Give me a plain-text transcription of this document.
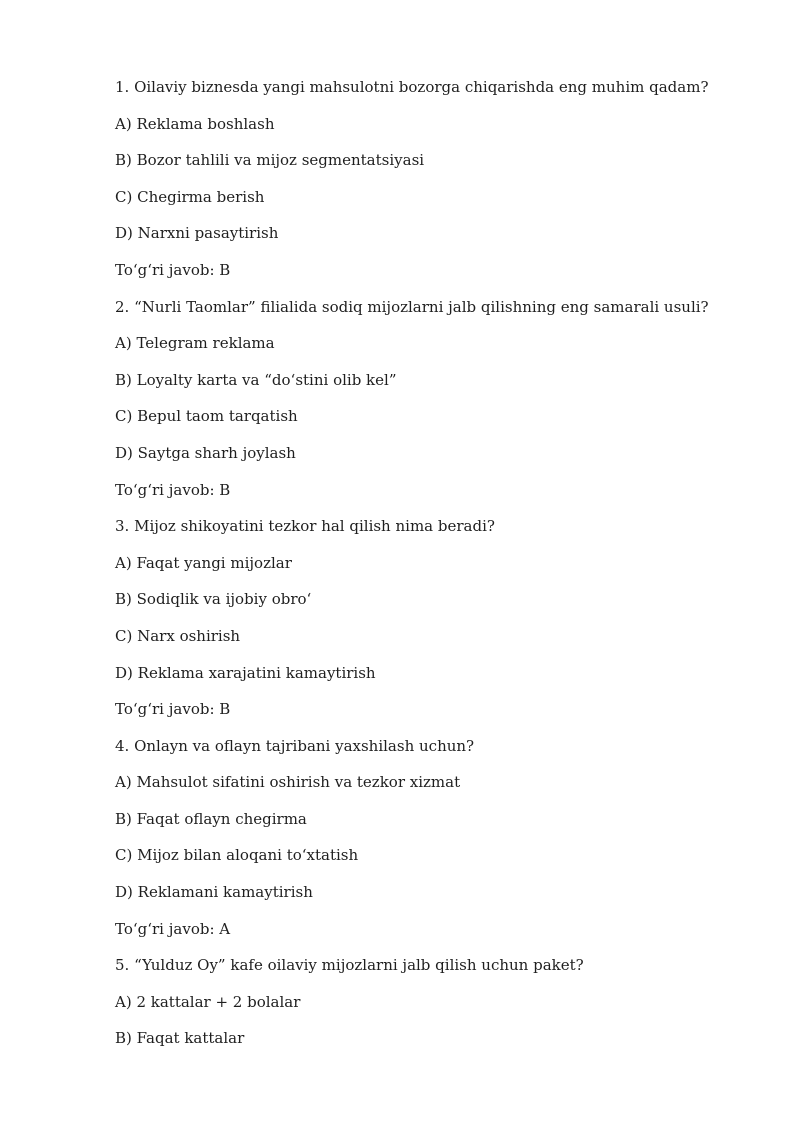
1. Oilaviy biznesda yangi mahsulotni bozorga chiqarishda eng muhim qadam?
A) Reklama boshlash
B) Bozor tahlili va mijoz segmentatsiyasi
C) Chegirma berish
D) Narxni pasaytirish
To‘g‘ri javob: B
2. “Nurli Taomlar” filialida sodiq mijozlarni jalb qilishning eng samarali usuli?
A) Telegram reklama
B) Loyalty karta va “do‘stini olib kel”
C) Bepul taom tarqatish
D) Saytga sharh joylash
To‘g‘ri javob: B
3. Mijoz shikoyatini tezkor hal qilish nima beradi?
A) Faqat yangi mijozlar
B) Sodiqlik va ijobiy obro‘
C) Narx oshirish
D) Reklama xarajatini kamaytirish
To‘g‘ri javob: B
4. Onlayn va oflayn tajribani yaxshilash uchun?
A) Mahsulot sifatini oshirish va tezkor xizmat
B) Faqat oflayn chegirma
C) Mijoz bilan aloqani to‘xtatish
D) Reklamani kamaytirish
To‘g‘ri javob: A
5. “Yulduz Oy” kafe oilaviy mijozlarni jalb qilish uchun paket?
A) 2 kattalar + 2 bolalar
B) Faqat kattalar
